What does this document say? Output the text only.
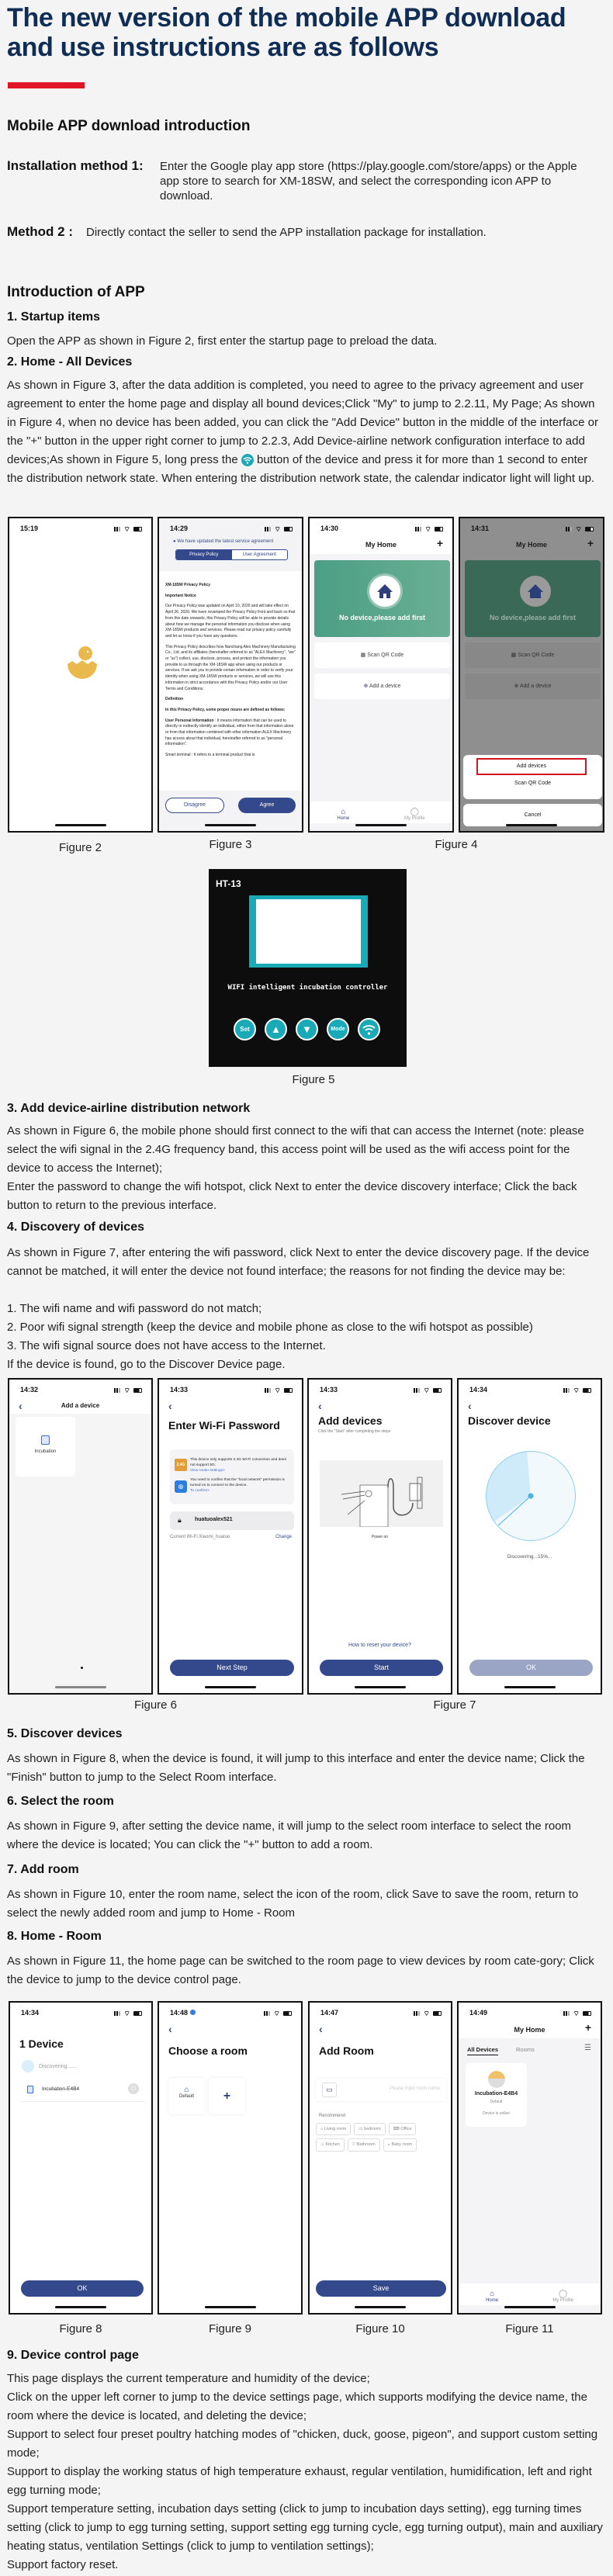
The new version of the mobile APP download and use instructions are as follows
Mobile APP download introduction
Installation method 1: Enter the Google play app store (https://play.google.com/store/apps) or the Apple app store to search for XM-18SW, and select the corresponding icon APP to download.
Method 2 : Directly contact the seller to send the APP installation package for installation.
Introduction of APP
1. Startup items
Open the APP as shown in Figure 2, first enter the startup page to preload the data.
2. Home - All Devices
As shown in Figure 3, after the data addition is completed, you need to agree to the privacy agreement and user agreement to enter the home page and display all bound devices;Click "My" to jump to 2.2.11, My Page; As shown in Figure 4, when no device has been added, you can click the "Add Device" button in the middle of the interface or the "+" button in the upper right corner to jump to 2.2.3, Add Device-airline network configuration interface to add devices;As shown in Figure 5, long press the button of the device and press it for more than 1 second to enter the distribution network state. When entering the distribution network state, the calendar indicator light will light up.
15:19	⌔
Figure 2
14:29	⌔
● We have updated the latest service agreement
Privacy Policy	User Agreement
XM-18SW Privacy Policy
Important Notice
Our Privacy Policy was updated on April 10, 2020 and will take effect on April 26, 2020. We have revamped the Privacy Policy front and back so that from this date onwards, this Privacy Policy will be able to provide details about how we manage the personal information you disclose when using XM-18SW products and services. Please read our privacy policy carefully and let us know if you have any questions.
This Privacy Policy describes how Nanchang Alex Machinery Manufacturing Co., Ltd. and its affiliates (hereinafter referred to as "ALEX Machinery", "we" or "us") collect, use, disclose, process, and protect the information you provide to us through the XM-18SW app when using our products or services. If we ask you to provide certain information in order to verify your identity when using XM-18SW products or services, we will use this information in strict accordance with this Privacy Policy and/or our User Terms and Conditions.
Definition
In this Privacy Policy, some proper nouns are defined as follows:
User Personal Information : It means information that can be used to directly or indirectly identify an individual, either from that information alone or from that information combined with other information ALEX Machinery has access about that individual, hereinafter referred to as "personal information".
Smart terminal : It refers to a terminal product that is
Disagree	Agree
Figure 3
14:30	⌔
My Home	+
No device,please add first
▦ Scan QR Code
⊕ Add a device
⌂
Home
◯
My Profile
14:31	⌔
My Home	+
No device,please add first
▦ Scan QR Code
⊕ Add a device
Add devices
Scan QR Code
Cancel
Figure 4
HT-13
WIFI intelligent incubation controller
Set	▲	▼	Mode
Figure 5
3. Add device-airline distribution network
As shown in Figure 6, the mobile phone should first connect to the wifi that can access the Internet (note: please select the wifi signal in the 2.4G frequency band, this access point will be used as the wifi access point for the device to access the Internet);
Enter the password to change the wifi hotspot, click Next to enter the device discovery interface; Click the back button to return to the previous interface.
4. Discovery of devices
As shown in Figure 7, after entering the wifi password, click Next to enter the device discovery page. If the device cannot be matched, it will enter the device not found interface; the reasons for not finding the device may be:
1. The wifi name and wifi password do not match;
2. Poor wifi signal strength (keep the device and mobile phone as close to the wifi hotspot as possible)
3. The wifi signal source does not have access to the Internet.
If the device is found, go to the Discover Device page.
14:32	⌔
‹	Add a device
Incubation
14:33	⌔
‹
Enter Wi-Fi Password
2.4G
This device only supports 2.4G Wi-Fi connection and does not support 5G.
View router settings>
⊕
You need to confirm that the "local network" permission is turned on to connect to the device.
To confirm>
🔒︎ huatuoalex521
Current Wi-Fi:Xiaomi_huatuo	Change
Next Step
Figure 6
14:33	⌔
‹
Add devices
Click the "Start" after completing the steps
Power on
How to reset your device?
Start
14:34	⌔
‹
Discover device
Discovering...15%...
OK
Figure 7
5. Discover devices
As shown in Figure 8, when the device is found, it will jump to this interface and enter the device name; Click the "Finish" button to jump to the Select Room interface.
6. Select the room
As shown in Figure 9, after setting the device name, it will jump to the select room interface to select the room where the device is located; You can click the "+" button to add a room.
7. Add room
As shown in Figure 10, enter the room name, select the icon of the room, click Save to save the room, return to select the newly added room and jump to Home - Room
8. Home - Room
As shown in Figure 11, the home page can be switched to the room page to view devices by room cate-gory; Click the device to jump to the device control page.
14:34	⌔
1 Device
Discovering......
Incubation-E4B4	⏻
OK
Figure 8
14:48	⌔
‹
Choose a room
⌂
Default	+
Figure 9
14:47	⌔
‹
Add Room
▭	Please input room name
Recommend
⌂ Living room	▭ bedroom	⌨ Office
♨ Kitchen	⛆ Bathroom	◒ Baby room
Save
Figure 10
14:49	⌔
My Home	+
All Devices	Rooms	☰
Incubation-E4B4
Default
Device is online
⌂
Home
◯
My Profile
Figure 11
9. Device control page
This page displays the current temperature and humidity of the device;
Click on the upper left corner to jump to the device settings page, which supports modifying the device name, the room where the device is located, and deleting the device;
Support to select four preset poultry hatching modes of "chicken, duck, goose, pigeon", and support custom setting mode;
Support to display the working status of high temperature exhaust, regular ventilation, humidification, left and right egg turning mode;
Support temperature setting, incubation days setting (click to jump to incubation days setting), egg turning times setting (click to jump to egg turning setting, support setting egg turning cycle, egg turning output), main and auxiliary heating status, ventilation Settings (click to jump to ventilation settings);
Support factory reset.
